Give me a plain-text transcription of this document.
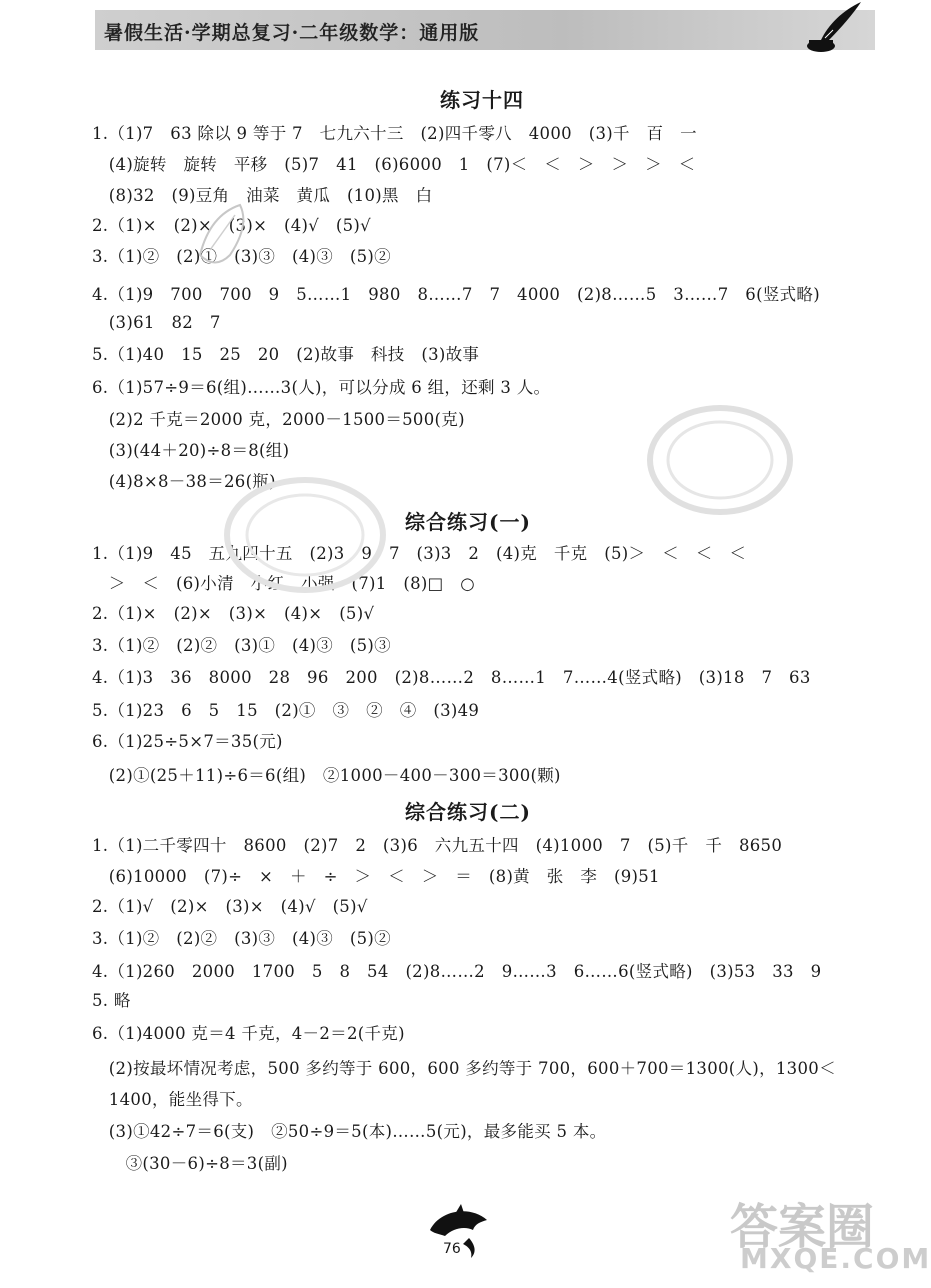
暑假生活·学期总复习·二年级数学：通用版
练习十四
1.（1)7　63 除以 9 等于 7　七九六十三　(2)四千零八　4000　(3)千　百　一
　(4)旋转　旋转　平移　(5)7　41　(6)6000　1　(7)＜　＜　＞　＞　＞　＜
　(8)32　(9)豆角　油菜　黄瓜　(10)黑　白
2.（1)×　(2)×　(3)×　(4)√　(5)√
3.（1)②　(2)①　(3)③　(4)③　(5)②
4.（1)9　700　700　9　5……1　980　8……7　7　4000　(2)8……5　3……7　6(竖式略)
　(3)61　82　7
5.（1)40　15　25　20　(2)故事　科技　(3)故事
6.（1)57÷9＝6(组)……3(人)，可以分成 6 组，还剩 3 人。
　(2)2 千克＝2000 克，2000－1500＝500(克)
　(3)(44＋20)÷8＝8(组)
　(4)8×8－38＝26(瓶)
综合练习(一)
1.（1)9　45　五九四十五　(2)3　9　7　(3)3　2　(4)克　千克　(5)＞　＜　＜　＜
　＞　＜　(6)小清　小红　小强　(7)1　(8)□　○
2.（1)×　(2)×　(3)×　(4)×　(5)√
3.（1)②　(2)②　(3)①　(4)③　(5)③
4.（1)3　36　8000　28　96　200　(2)8……2　8……1　7……4(竖式略)　(3)18　7　63
5.（1)23　6　5　15　(2)①　③　②　④　(3)49
6.（1)25÷5×7＝35(元)
　(2)①(25＋11)÷6＝6(组)　②1000－400－300＝300(颗)
综合练习(二)
1.（1)二千零四十　8600　(2)7　2　(3)6　六九五十四　(4)1000　7　(5)千　千　8650
　(6)10000　(7)÷　×　＋　÷　＞　＜　＞　＝　(8)黄　张　李　(9)51
2.（1)√　(2)×　(3)×　(4)√　(5)√
3.（1)②　(2)②　(3)③　(4)③　(5)②
4.（1)260　2000　1700　5　8　54　(2)8……2　9……3　6……6(竖式略)　(3)53　33　9
5. 略
6.（1)4000 克＝4 千克，4－2＝2(千克)
　(2)按最坏情况考虑，500 多约等于 600，600 多约等于 700，600＋700＝1300(人)，1300＜
　1400，能坐得下。
　(3)①42÷7＝6(支)　②50÷9＝5(本)……5(元)，最多能买 5 本。
　　③(30－6)÷8＝3(副)
76	答案圈
MXQE.COM
